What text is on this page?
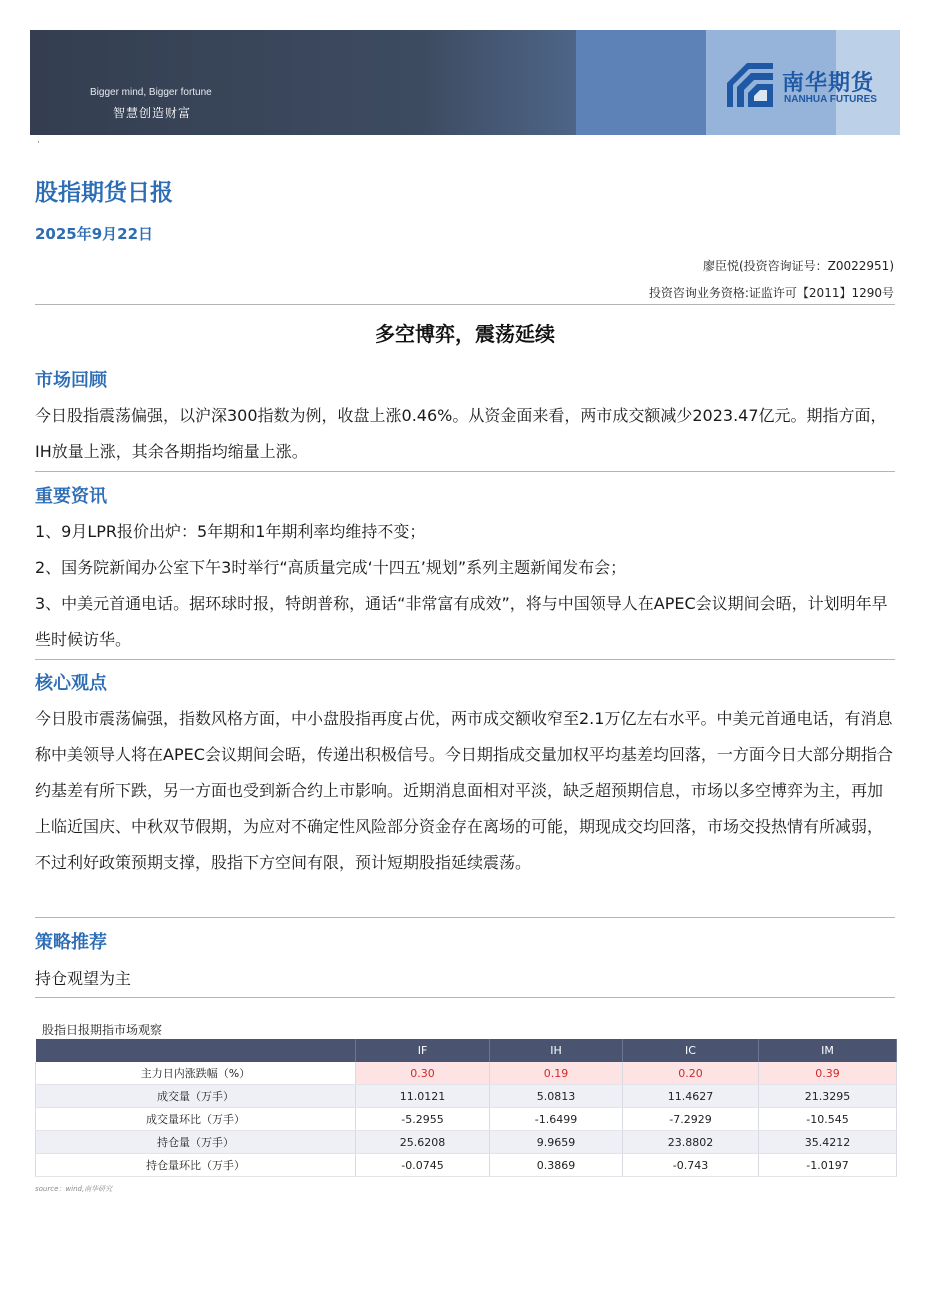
Bigger mind, Bigger fortune
智慧创造财富
南华期货
NANHUA FUTURES
·
股指期货日报
2025年9月22日
廖臣悦(投资咨询证号：Z0022951)
投资咨询业务资格:证监许可【2011】1290号
多空博弈，震荡延续
市场回顾
今日股指震荡偏强，以沪深300指数为例，收盘上涨0.46%。从资金面来看，两市成交额减少2023.47亿元。期指方面，IH放量上涨，其余各期指均缩量上涨。
重要资讯
1、9月LPR报价出炉：5年期和1年期利率均维持不变；
2、国务院新闻办公室下午3时举行“高质量完成‘十四五’规划”系列主题新闻发布会；
3、中美元首通电话。据环球时报，特朗普称，通话“非常富有成效”，将与中国领导人在APEC会议期间会晤，计划明年早些时候访华。
核心观点
今日股市震荡偏强，指数风格方面，中小盘股指再度占优，两市成交额收窄至2.1万亿左右水平。中美元首通电话，有消息称中美领导人将在APEC会议期间会晤，传递出积极信号。今日期指成交量加权平均基差均回落，一方面今日大部分期指合约基差有所下跌，另一方面也受到新合约上市影响。近期消息面相对平淡，缺乏超预期信息，市场以多空博弈为主，再加上临近国庆、中秋双节假期，为应对不确定性风险部分资金存在离场的可能，期现成交均回落，市场交投热情有所减弱，不过利好政策预期支撑，股指下方空间有限，预计短期股指延续震荡。
策略推荐
持仓观望为主
股指日报期指市场观察
	IF	IH	IC	IM
主力日内涨跌幅（%）	0.30	0.19	0.20	0.39
成交量（万手）	11.0121	5.0813	11.4627	21.3295
成交量环比（万手）	-5.2955	-1.6499	-7.2929	-10.545
持仓量（万手）	25.6208	9.9659	23.8802	35.4212
持仓量环比（万手）	-0.0745	0.3869	-0.743	-1.0197
source：wind,南华研究
